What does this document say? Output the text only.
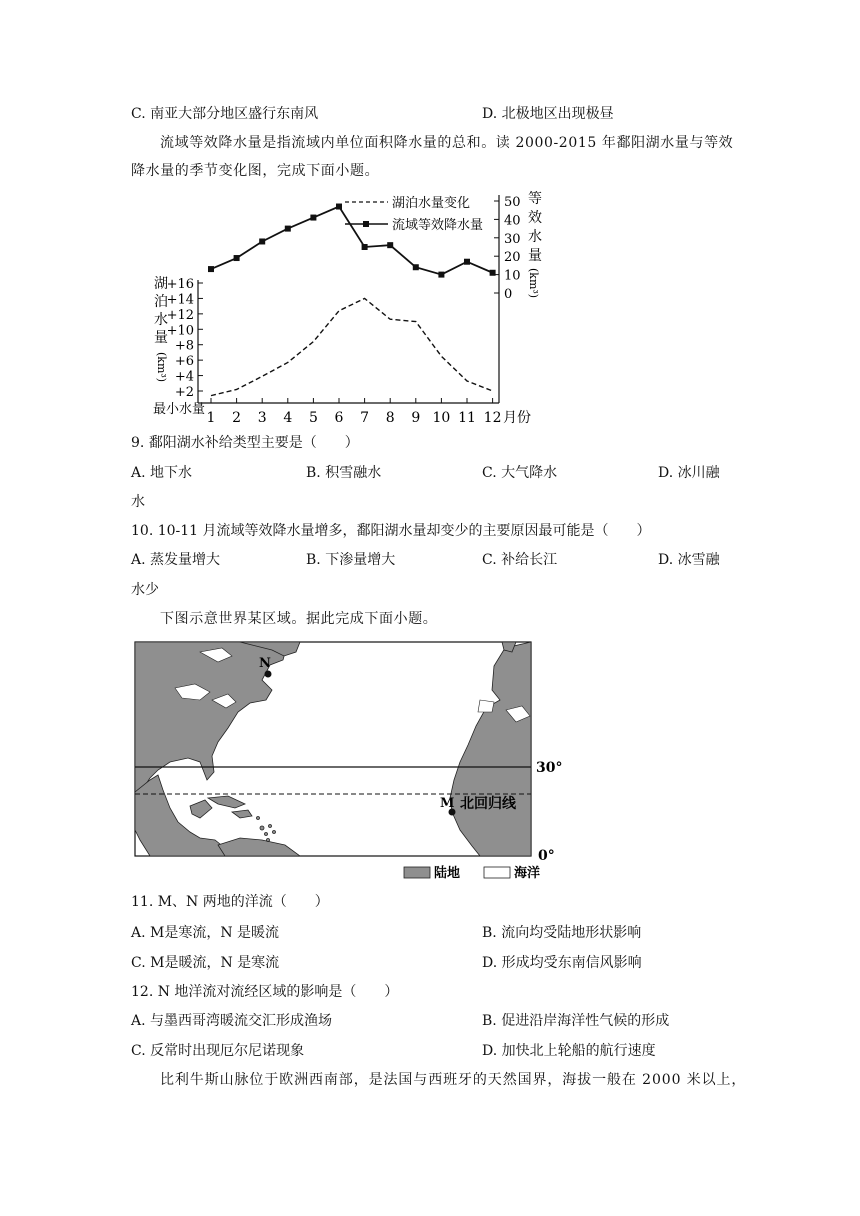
C. 南亚大部分地区盛行东南风	D. 北极地区出现极昼
流域等效降水量是指流域内单位面积降水量的总和。读 2000-2015 年鄱阳湖水量与等效
降水量的季节变化图，完成下面小题。
+16
+14
+12
+10
+8
+6
+4
+2
湖
泊
水
量
(km³)
最小水量
50
40
30
20
10
0
等
效
水
量
(km³)
1 2 3 4 5 6 7 8 9 10 11 12 月份
湖泊水量变化
流域等效降水量
9. 鄱阳湖水补给类型主要是（　　）
A. 地下水	B. 积雪融水	C. 大气降水	D. 冰川融
水
10. 10-11 月流域等效降水量增多，鄱阳湖水量却变少的主要原因最可能是（　　）
A. 蒸发量增大	B. 下渗量增大	C. 补给长江	D. 冰雪融
水少
下图示意世界某区域。据此完成下面小题。
30°
0°
北回归线
N
M
陆地	海洋
11. M、N 两地的洋流（　　）
A. M是寒流，N 是暖流	B. 流向均受陆地形状影响
C. M是暖流，N 是寒流	D. 形成均受东南信风影响
12. N 地洋流对流经区域的影响是（　　）
A. 与墨西哥湾暖流交汇形成渔场	B. 促进沿岸海洋性气候的形成
C. 反常时出现厄尔尼诺现象	D. 加快北上轮船的航行速度
比利牛斯山脉位于欧洲西南部，是法国与西班牙的天然国界，海拔一般在 2000 米以上，
